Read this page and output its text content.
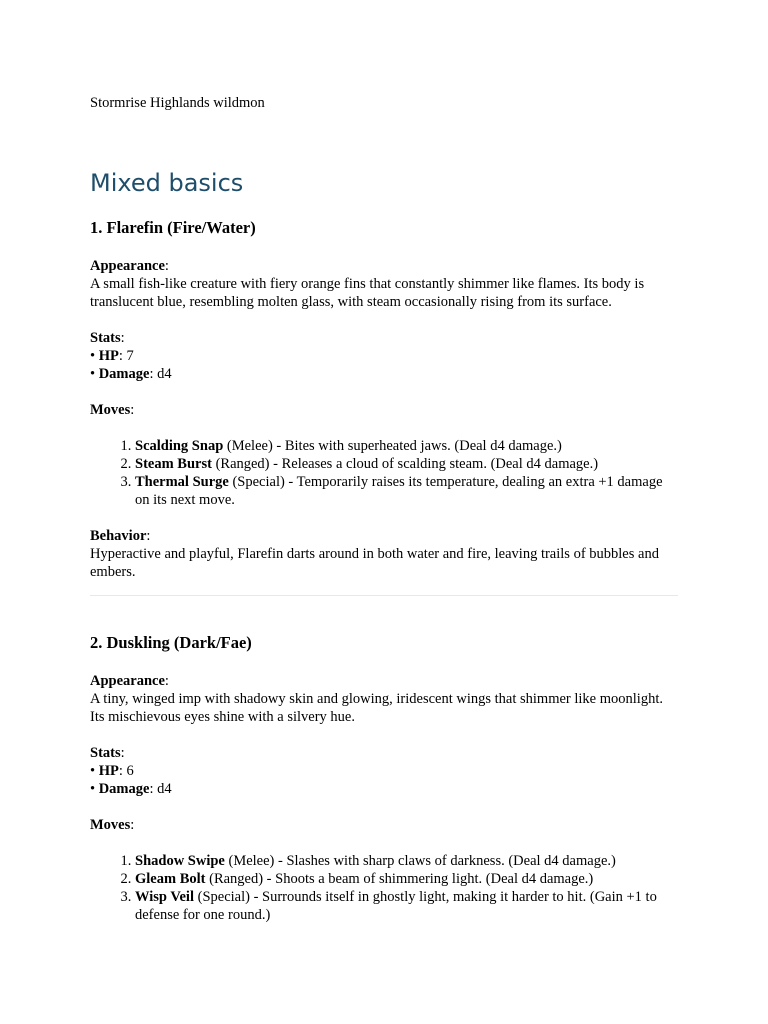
Stormrise Highlands wildmon

Mixed basics
1. Flarefin (Fire/Water)

Appearance:

A small fish-like creature with fiery orange fins that constantly shimmer like flames. Its body is translucent blue, resembling molten glass, with steam occasionally rising from its surface.

Stats:

• HP: 7

• Damage: d4

Moves:

1. Scalding Snap (Melee) - Bites with superheated jaws. (Deal d4 damage.)
2. Steam Burst (Ranged) - Releases a cloud of scalding steam. (Deal d4 damage.)
3. Thermal Surge (Special) - Temporarily raises its temperature, dealing an extra +1 damage on its next move.

Behavior:

Hyperactive and playful, Flarefin darts around in both water and fire, leaving trails of bubbles and embers.

2. Duskling (Dark/Fae)

Appearance:

A tiny, winged imp with shadowy skin and glowing, iridescent wings that shimmer like moonlight. Its mischievous eyes shine with a silvery hue.

Stats:

• HP: 6

• Damage: d4

Moves:

1. Shadow Swipe (Melee) - Slashes with sharp claws of darkness. (Deal d4 damage.)
2. Gleam Bolt (Ranged) - Shoots a beam of shimmering light. (Deal d4 damage.)
3. Wisp Veil (Special) - Surrounds itself in ghostly light, making it harder to hit. (Gain +1 to defense for one round.)
